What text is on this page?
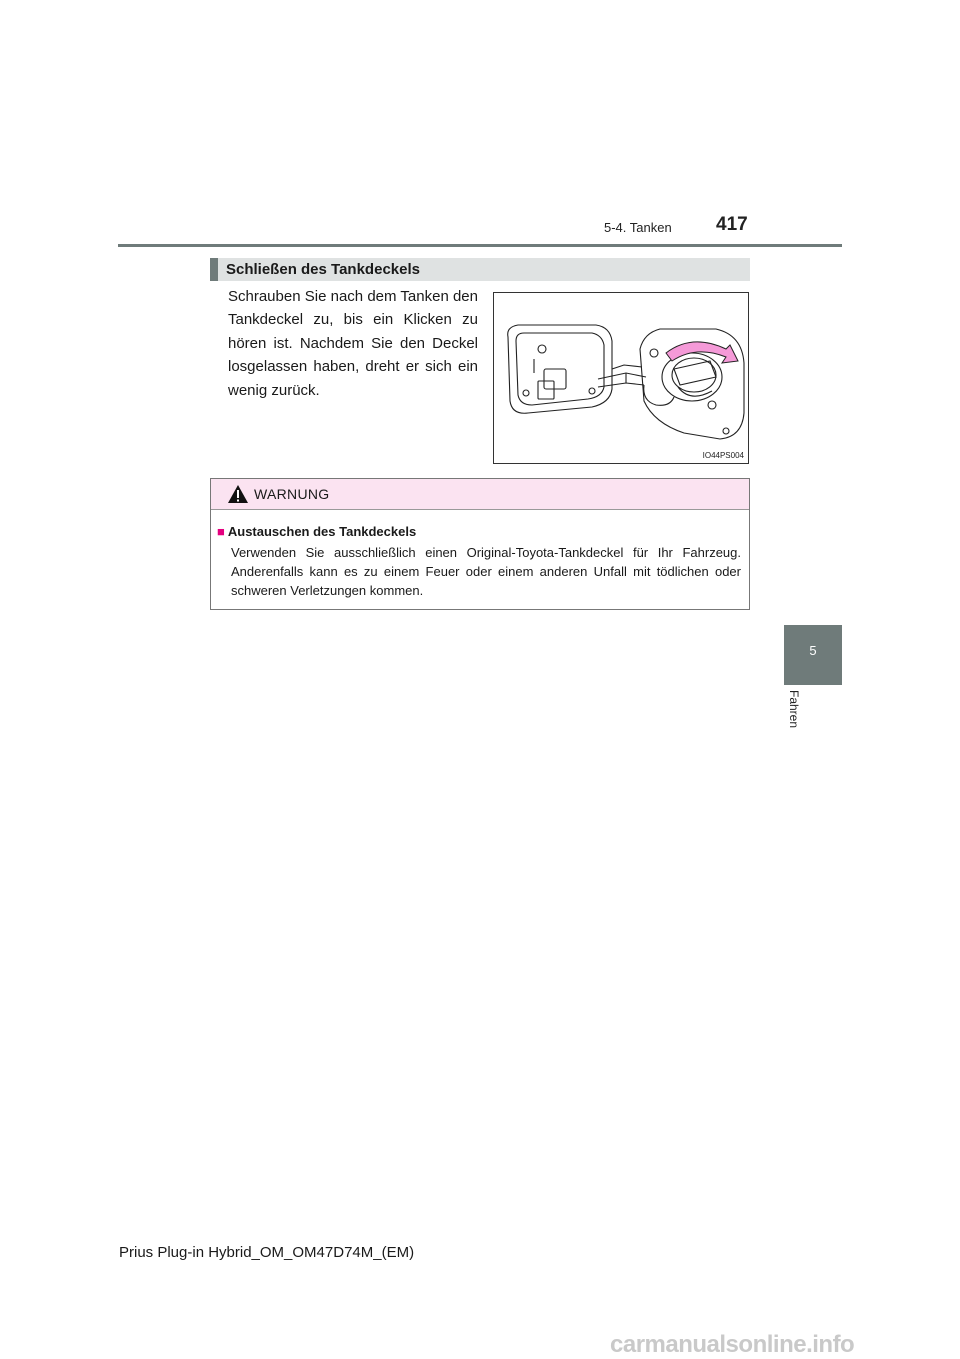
5-4. Tanken 417
5
Fahren
Schließen des Tankdeckels
Schrauben Sie nach dem Tanken den Tankdeckel zu, bis ein Klicken zu hören ist. Nachdem Sie den Deckel losgelassen haben, dreht er sich ein wenig zurück.
IO44PS004
WARNUNG
■ Austauschen des Tankdeckels
Verwenden Sie ausschließlich einen Original-Toyota-Tankdeckel für Ihr Fahrzeug. Anderenfalls kann es zu einem Feuer oder einem anderen Unfall mit tödlichen oder schweren Verletzungen kommen.
Prius Plug-in Hybrid_OM_OM47D74M_(EM)
carmanualsonline.info
